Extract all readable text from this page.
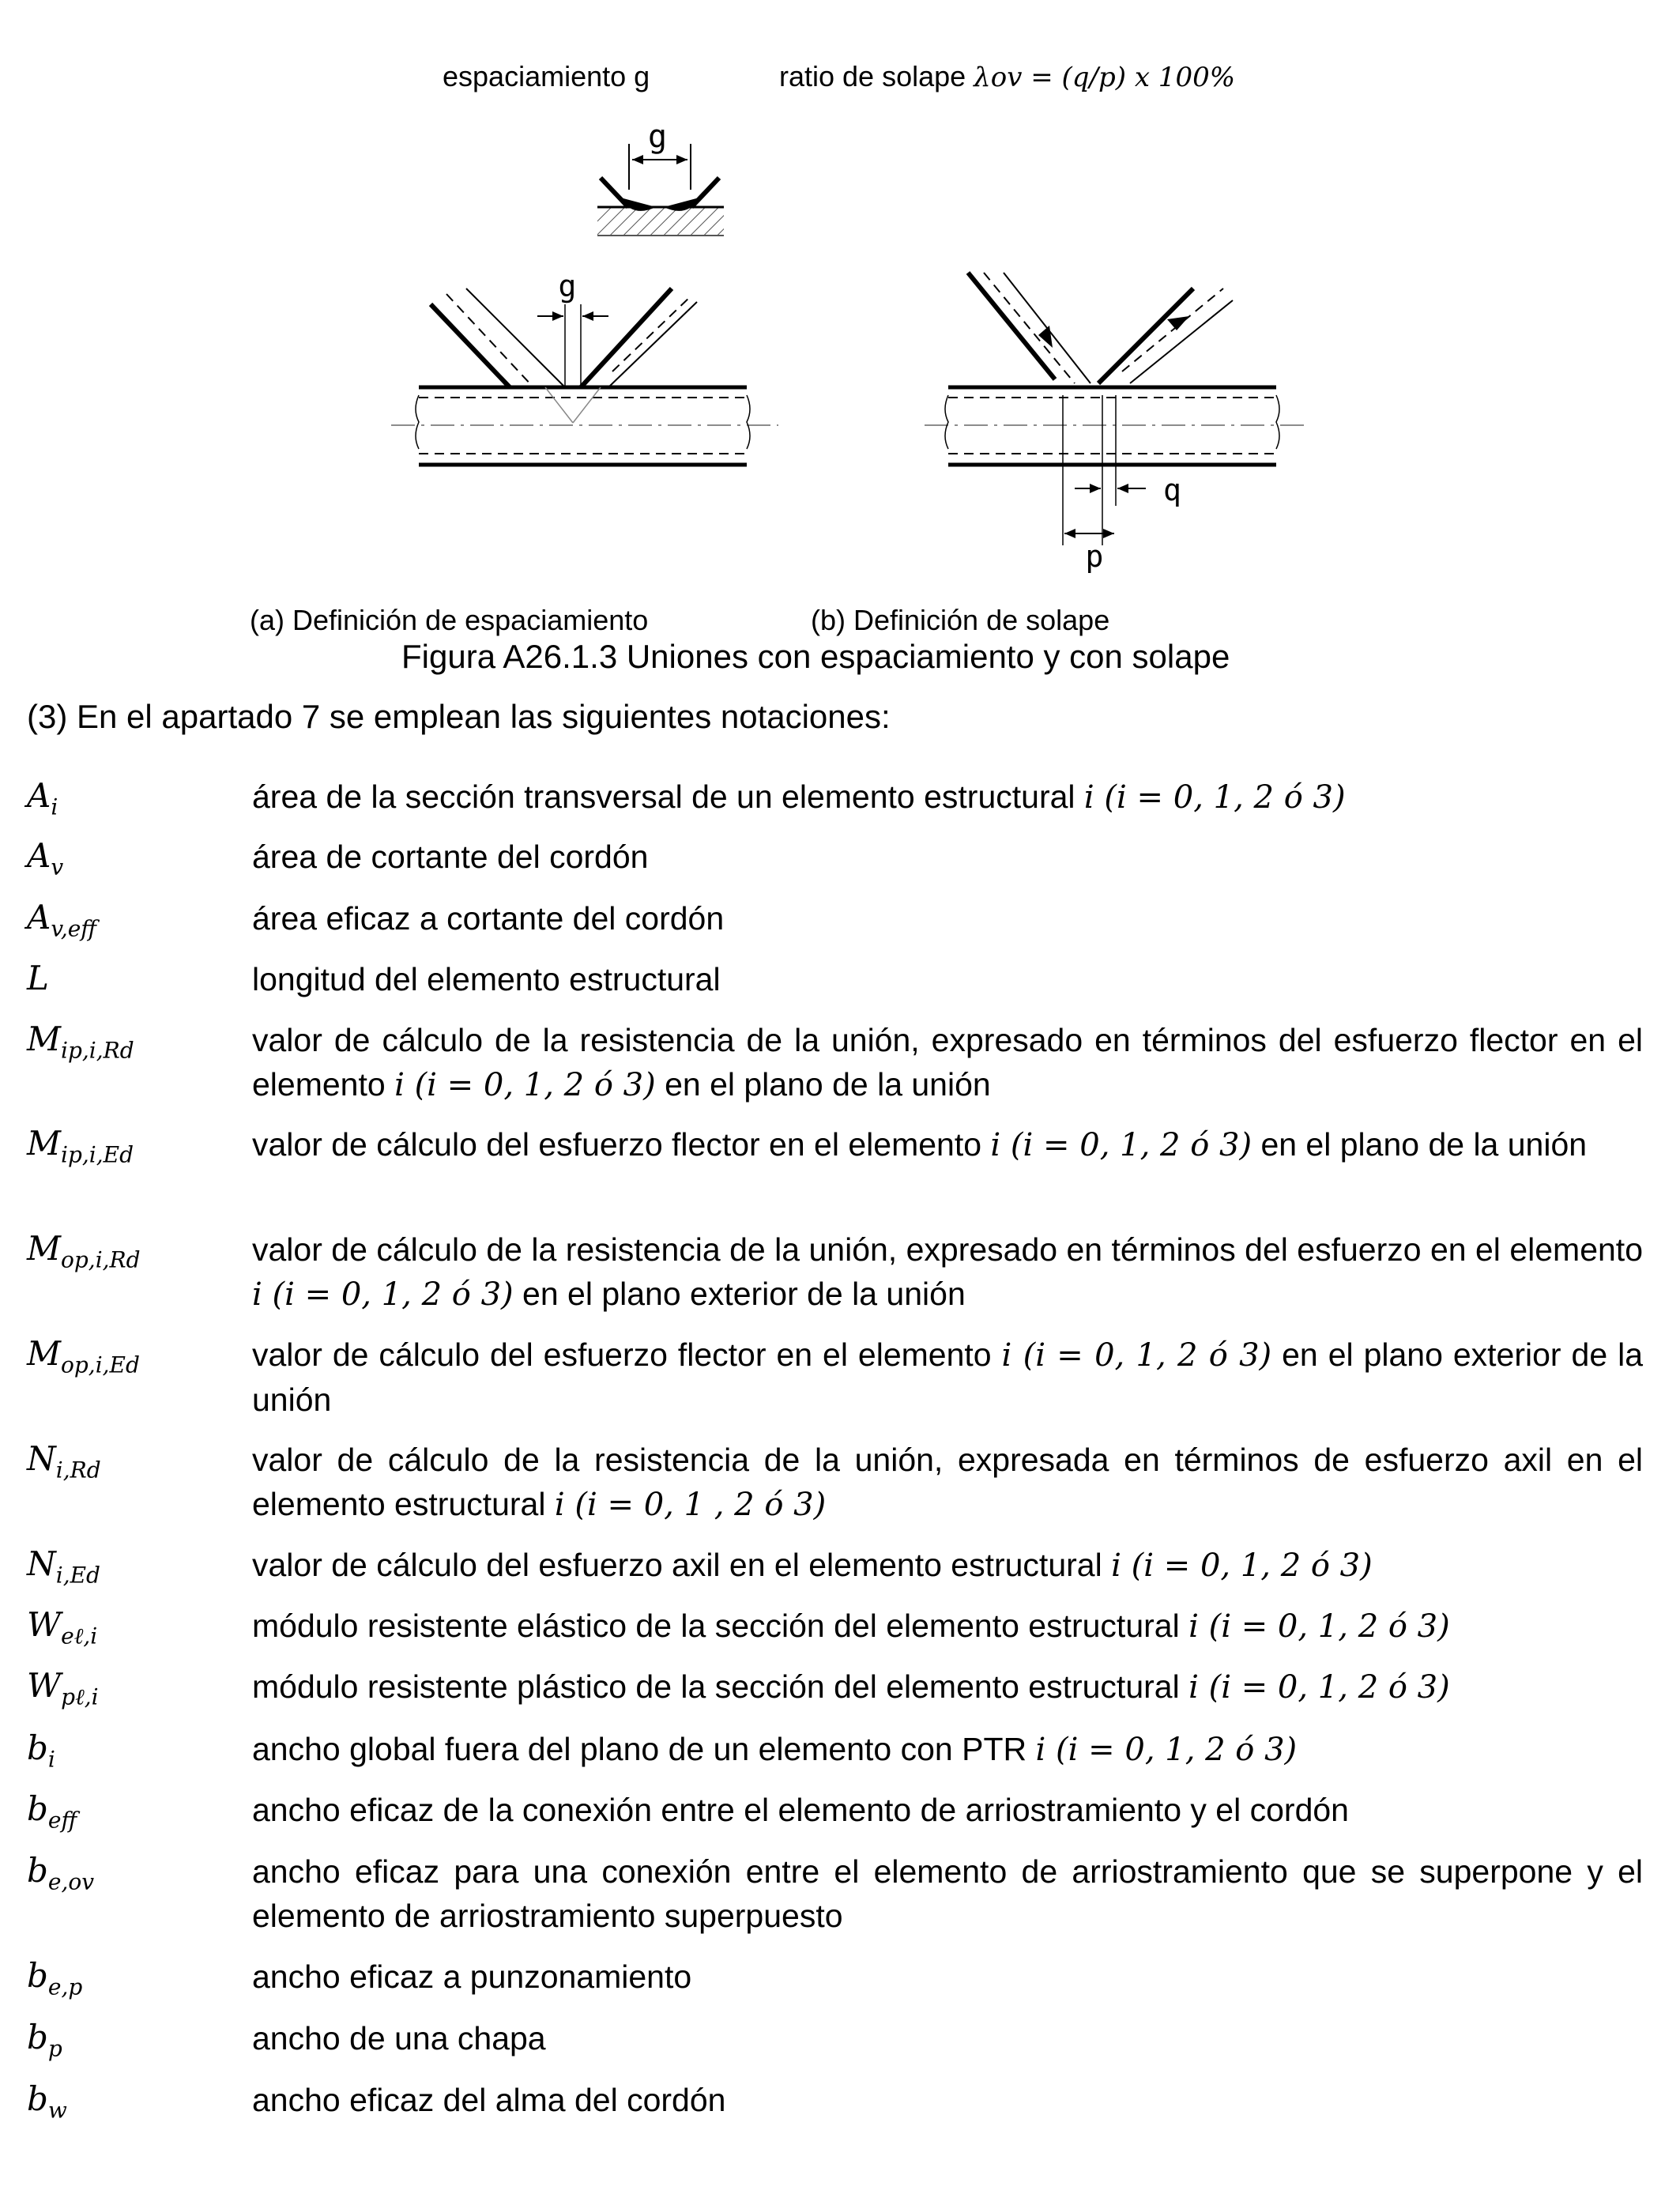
espaciamiento g	ratio de solape λov = (q/p) x 100%
g
g
q
p
(a) Definición de espaciamiento	(b) Definición de solape
Figura A26.1.3 Uniones con espaciamiento y con solape
(3) En el apartado 7 se emplean las siguientes notaciones:
$A_i$	área de la sección transversal de un elemento estructural i (i = 0, 1, 2 ó 3)
$A_v$	área de cortante del cordón
$A_{v,eff}$	área eficaz a cortante del cordón
L	longitud del elemento estructural
$M_{ip,i,Rd}$	valor de cálculo de la resistencia de la unión, expresado en términos del esfuerzo flector en el elemento i (i = 0, 1, 2 ó 3) en el plano de la unión
$M_{ip,i,Ed}$	valor de cálculo del esfuerzo flector en el elemento i (i = 0, 1, 2 ó 3) en el plano de la unión
$M_{op,i,Rd}$	valor de cálculo de la resistencia de la unión, expresado en términos del esfuerzo en el elemento i (i = 0, 1, 2 ó 3) en el plano exterior de la unión
$M_{op,i,Ed}$	valor de cálculo del esfuerzo flector en el elemento i (i = 0, 1, 2 ó 3) en el plano exterior de la unión
$N_{i,Rd}$	valor de cálculo de la resistencia de la unión, expresada en términos de esfuerzo axil en el elemento estructural i (i = 0, 1 , 2 ó 3)
$N_{i,Ed}$	valor de cálculo del esfuerzo axil en el elemento estructural i (i = 0, 1, 2 ó 3)
$W_{e\ell,i}$	módulo resistente elástico de la sección del elemento estructural i (i = 0, 1, 2 ó 3)
$W_{p\ell,i}$	módulo resistente plástico de la sección del elemento estructural i (i = 0, 1, 2 ó 3)
$b_i$	ancho global fuera del plano de un elemento con PTR i (i = 0, 1, 2 ó 3)
$b_{eff}$	ancho eficaz de la conexión entre el elemento de arriostramiento y el cordón
$b_{e,ov}$	ancho eficaz para una conexión entre el elemento de arriostramiento que se superpone y el elemento de arriostramiento superpuesto
$b_{e,p}$	ancho eficaz a punzonamiento
$b_p$	ancho de una chapa
$b_w$	ancho eficaz del alma del cordón
